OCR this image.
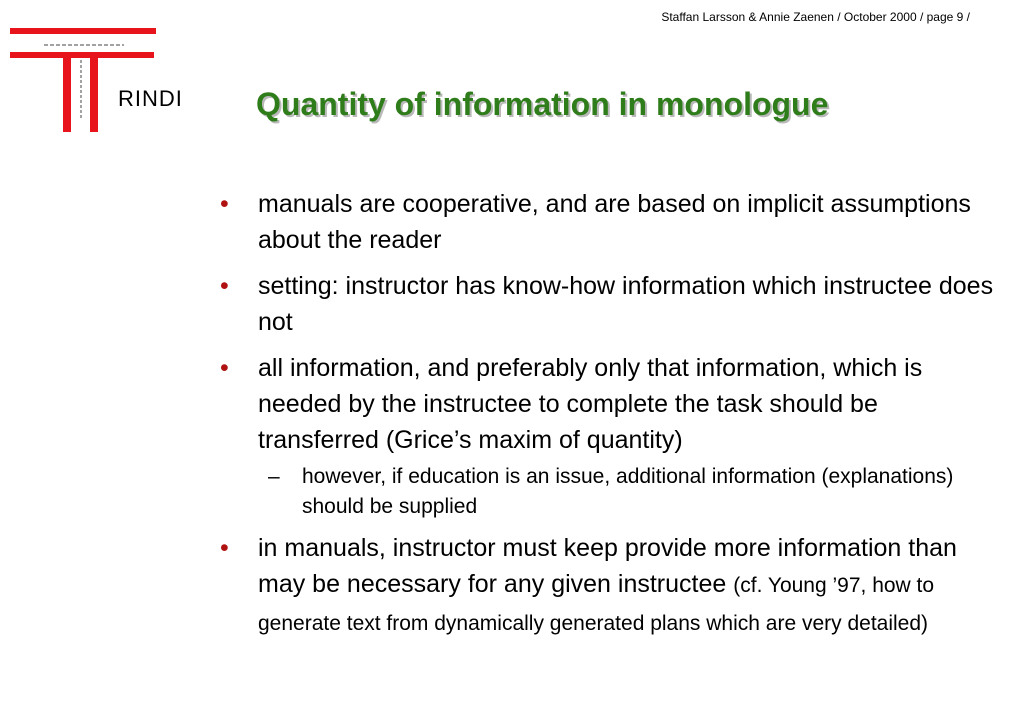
Staffan Larsson & Annie Zaenen / October 2000 / page 9 /
RINDI Quantity of information in monologue
• manuals are cooperative, and are based on implicit assumptions about the reader
• setting: instructor has know-how information which instructee does not
• all information, and preferably only that information, which is needed by the instructee to complete the task should be transferred (Grice’s maxim of quantity)
– however, if education is an issue, additional information (explanations) should be supplied
• in manuals, instructor must keep provide more information than may be necessary for any given instructee (cf. Young ’97, how to generate text from dynamically generated plans which are very detailed)
